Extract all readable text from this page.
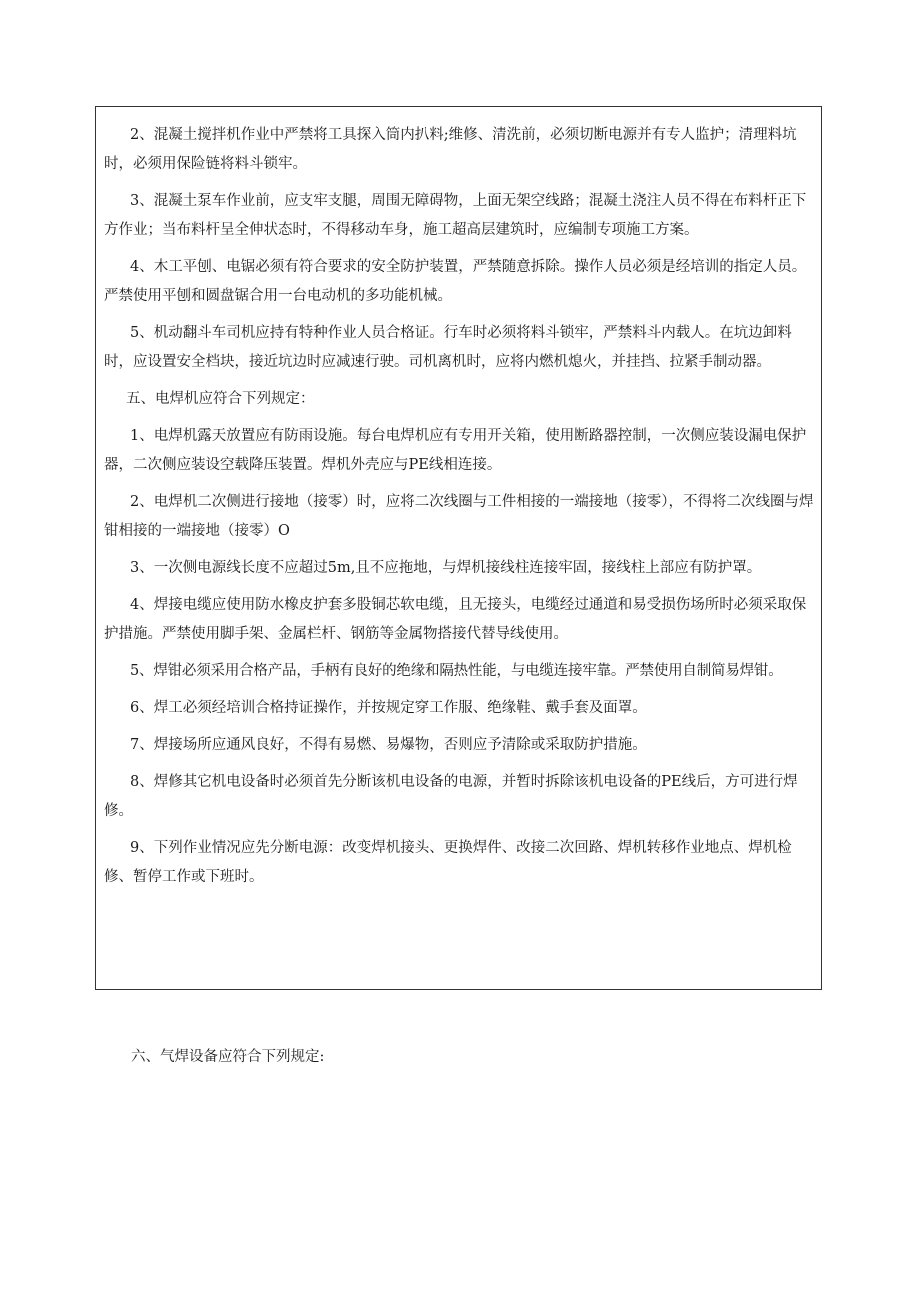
2、混凝土搅拌机作业中严禁将工具探入筒内扒料;维修、清洗前，必须切断电源并有专人监护；清理料坑时，必须用保险链将料斗锁牢。

3、混凝土泵车作业前，应支牢支腿，周围无障碍物，上面无架空线路；混凝土浇注人员不得在布料杆正下方作业；当布料杆呈全伸状态时，不得移动车身，施工超高层建筑时，应编制专项施工方案。

4、木工平刨、电锯必须有符合要求的安全防护装置，严禁随意拆除。操作人员必须是经培训的指定人员。严禁使用平刨和圆盘锯合用一台电动机的多功能机械。

5、机动翻斗车司机应持有特种作业人员合格证。行车时必须将料斗锁牢，严禁料斗内载人。在坑边卸料时，应设置安全档块，接近坑边时应减速行驶。司机离机时，应将内燃机熄火，并挂挡、拉紧手制动器。

五、电焊机应符合下列规定：

1、电焊机露天放置应有防雨设施。每台电焊机应有专用开关箱，使用断路器控制，一次侧应装设漏电保护器，二次侧应装设空载降压装置。焊机外壳应与PE线相连接。

2、电焊机二次侧进行接地（接零）时，应将二次线圈与工件相接的一端接地（接零），不得将二次线圈与焊钳相接的一端接地（接零）O

3、一次侧电源线长度不应超过5m,且不应拖地，与焊机接线柱连接牢固，接线柱上部应有防护罩。

4、焊接电缆应使用防水橡皮护套多股铜芯软电缆，且无接头，电缆经过通道和易受损伤场所时必须采取保护措施。严禁使用脚手架、金属栏杆、钢筋等金属物搭接代替导线使用。

5、焊钳必须采用合格产品，手柄有良好的绝缘和隔热性能，与电缆连接牢靠。严禁使用自制简易焊钳。

6、焊工必须经培训合格持证操作，并按规定穿工作服、绝缘鞋、戴手套及面罩。

7、焊接场所应通风良好，不得有易燃、易爆物，否则应予清除或采取防护措施。

8、焊修其它机电设备时必须首先分断该机电设备的电源，并暂时拆除该机电设备的PE线后，方可进行焊修。

9、下列作业情况应先分断电源：改变焊机接头、更换焊件、改接二次回路、焊机转移作业地点、焊机检修、暂停工作或下班时。

六、气焊设备应符合下列规定:
